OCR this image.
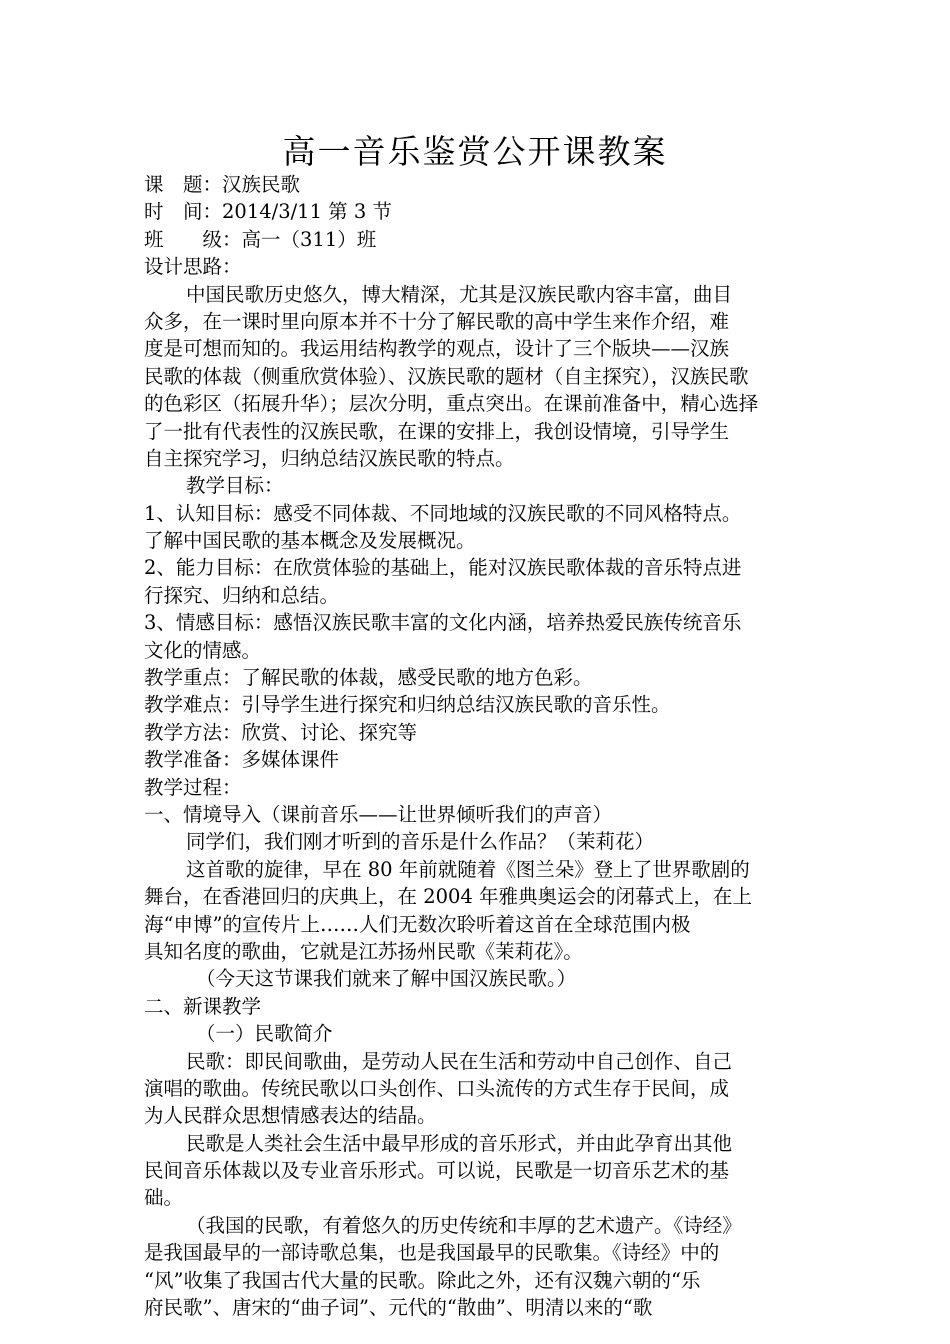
高一音乐鉴赏公开课教案
课　题：汉族民歌
时　间：2014/3/11 第 3 节
班　　级：高一（311）班
设计思路：
中国民歌历史悠久，博大精深，尤其是汉族民歌内容丰富，曲目
众多，在一课时里向原本并不十分了解民歌的高中学生来作介绍，难
度是可想而知的。我运用结构教学的观点，设计了三个版块——汉族
民歌的体裁（侧重欣赏体验）、汉族民歌的题材（自主探究），汉族民歌
的色彩区（拓展升华）；层次分明，重点突出。在课前准备中，精心选择
了一批有代表性的汉族民歌，在课的安排上，我创设情境，引导学生
自主探究学习，归纳总结汉族民歌的特点。
教学目标：
1、认知目标：感受不同体裁、不同地域的汉族民歌的不同风格特点。
了解中国民歌的基本概念及发展概况。
2、能力目标：在欣赏体验的基础上，能对汉族民歌体裁的音乐特点进
行探究、归纳和总结。
3、情感目标：感悟汉族民歌丰富的文化内涵，培养热爱民族传统音乐
文化的情感。
教学重点：了解民歌的体裁，感受民歌的地方色彩。
教学难点：引导学生进行探究和归纳总结汉族民歌的音乐性。
教学方法：欣赏、讨论、探究等
教学准备：多媒体课件
教学过程：
一、情境导入（课前音乐——让世界倾听我们的声音）
同学们，我们刚才听到的音乐是什么作品？（茉莉花）
这首歌的旋律，早在 80 年前就随着《图兰朵》登上了世界歌剧的
舞台，在香港回归的庆典上，在 2004 年雅典奥运会的闭幕式上，在上
海“申博”的宣传片上……人们无数次聆听着这首在全球范围内极
具知名度的歌曲，它就是江苏扬州民歌《茉莉花》。
（今天这节课我们就来了解中国汉族民歌。）
二、新课教学
（一）民歌简介
民歌：即民间歌曲，是劳动人民在生活和劳动中自己创作、自己
演唱的歌曲。传统民歌以口头创作、口头流传的方式生存于民间，成
为人民群众思想情感表达的结晶。
民歌是人类社会生活中最早形成的音乐形式，并由此孕育出其他
民间音乐体裁以及专业音乐形式。可以说，民歌是一切音乐艺术的基
础。
（我国的民歌，有着悠久的历史传统和丰厚的艺术遗产。《诗经》
是我国最早的一部诗歌总集，也是我国最早的民歌集。《诗经》中的
“风”收集了我国古代大量的民歌。除此之外，还有汉魏六朝的“乐
府民歌”、唐宋的“曲子词”、元代的“散曲”、明清以来的“歌
